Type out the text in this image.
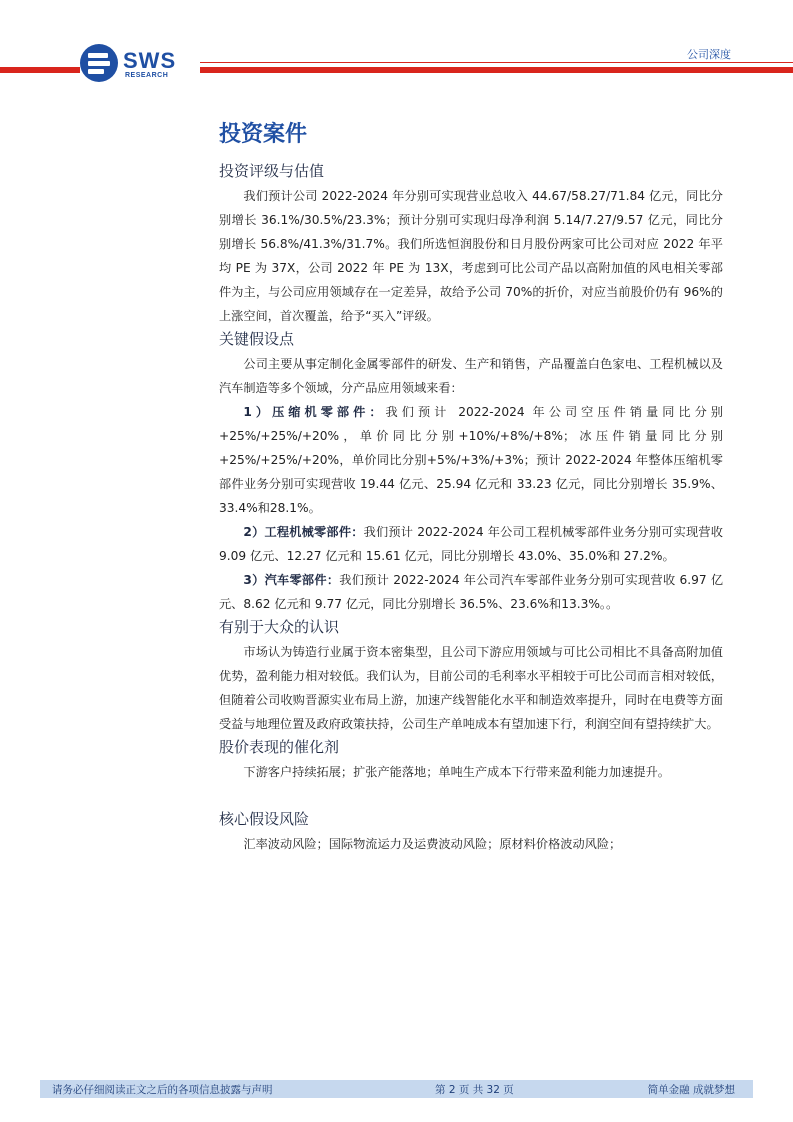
SWS
RESEARCH
公司深度
投资案件
投资评级与估值

我们预计公司 2022-2024 年分别可实现营业总收入 44.67/58.27/71.84 亿元，同比分别增长 36.1%/30.5%/23.3%；预计分别可实现归母净利润 5.14/7.27/9.57 亿元，同比分别增长 56.8%/41.3%/31.7%。我们所选恒润股份和日月股份两家可比公司对应 2022 年平均 PE 为 37X，公司 2022 年 PE 为 13X，考虑到可比公司产品以高附加值的风电相关零部件为主，与公司应用领域存在一定差异，故给予公司 70%的折价，对应当前股价仍有 96%的上涨空间，首次覆盖，给予“买入”评级。

关键假设点

公司主要从事定制化金属零部件的研发、生产和销售，产品覆盖白色家电、工程机械以及汽车制造等多个领域，分产品应用领域来看：

1）压缩机零部件：我们预计 2022-2024 年公司空压件销量同比分别+25%/+25%/+20%，单价同比分别+10%/+8%/+8%；冰压件销量同比分别+25%/+25%/+20%，单价同比分别+5%/+3%/+3%；预计 2022-2024 年整体压缩机零部件业务分别可实现营收 19.44 亿元、25.94 亿元和 33.23 亿元，同比分别增长 35.9%、33.4%和28.1%。

2）工程机械零部件：我们预计 2022-2024 年公司工程机械零部件业务分别可实现营收 9.09 亿元、12.27 亿元和 15.61 亿元，同比分别增长 43.0%、35.0%和 27.2%。

3）汽车零部件：我们预计 2022-2024 年公司汽车零部件业务分别可实现营收 6.97 亿元、8.62 亿元和 9.77 亿元，同比分别增长 36.5%、23.6%和13.3%。。

有别于大众的认识

市场认为铸造行业属于资本密集型，且公司下游应用领域与可比公司相比不具备高附加值优势，盈利能力相对较低。我们认为，目前公司的毛利率水平相较于可比公司而言相对较低，但随着公司收购晋源实业布局上游，加速产线智能化水平和制造效率提升，同时在电费等方面受益与地理位置及政府政策扶持，公司生产单吨成本有望加速下行，利润空间有望持续扩大。

股价表现的催化剂

下游客户持续拓展；扩张产能落地；单吨生产成本下行带来盈利能力加速提升。

核心假设风险

汇率波动风险；国际物流运力及运费波动风险；原材料价格波动风险；

请务必仔细阅读正文之后的各项信息披露与声明	第 2 页 共 32 页	简单金融 成就梦想
